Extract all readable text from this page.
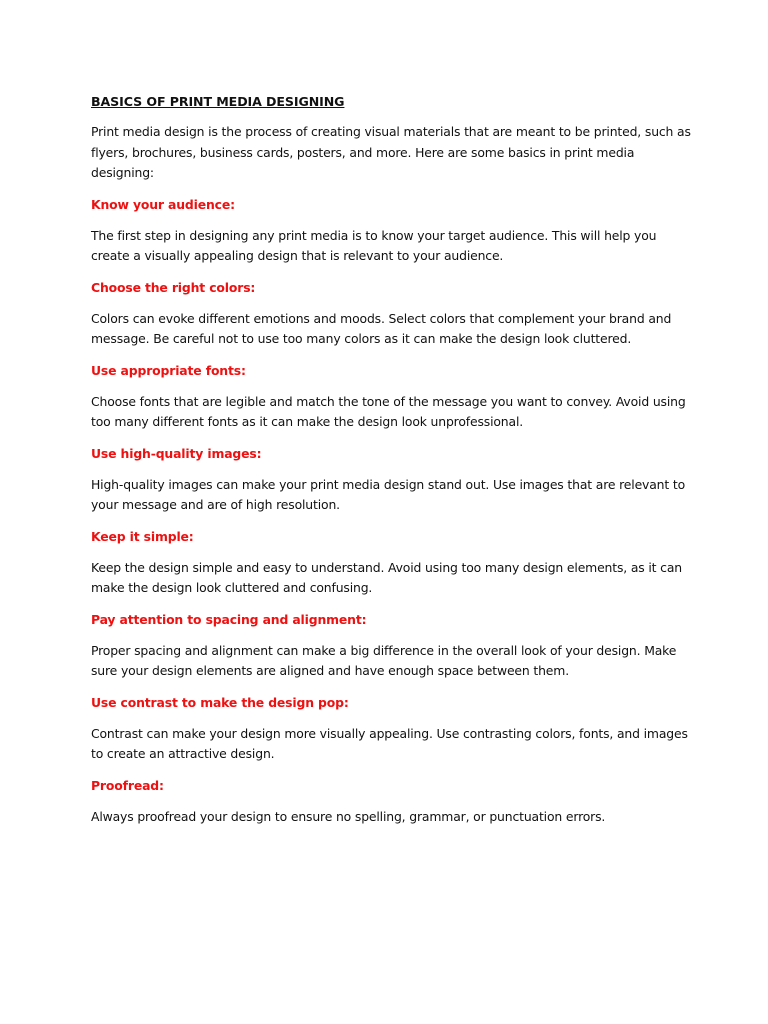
BASICS OF PRINT MEDIA DESIGNING

Print media design is the process of creating visual materials that are meant to be printed, such as flyers, brochures, business cards, posters, and more. Here are some basics in print media designing:

Know your audience:

The first step in designing any print media is to know your target audience. This will help you create a visually appealing design that is relevant to your audience.

Choose the right colors:

Colors can evoke different emotions and moods. Select colors that complement your brand and message. Be careful not to use too many colors as it can make the design look cluttered.

Use appropriate fonts:

Choose fonts that are legible and match the tone of the message you want to convey. Avoid using too many different fonts as it can make the design look unprofessional.

Use high-quality images:

High-quality images can make your print media design stand out. Use images that are relevant to your message and are of high resolution.

Keep it simple:

Keep the design simple and easy to understand. Avoid using too many design elements, as it can make the design look cluttered and confusing.

Pay attention to spacing and alignment:

Proper spacing and alignment can make a big difference in the overall look of your design. Make sure your design elements are aligned and have enough space between them.

Use contrast to make the design pop:

Contrast can make your design more visually appealing. Use contrasting colors, fonts, and images to create an attractive design.

Proofread:

Always proofread your design to ensure no spelling, grammar, or punctuation errors.
